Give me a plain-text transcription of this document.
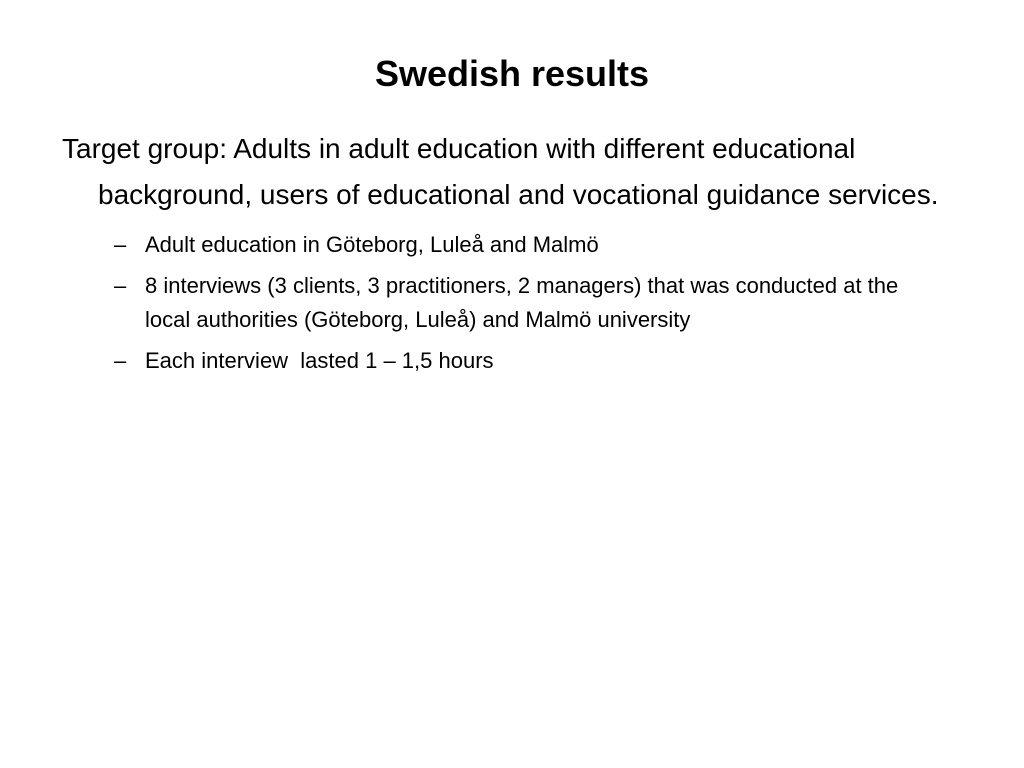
Swedish results

Target group: Adults in adult education with different educational background, users of educational and vocational guidance services.

– Adult education in Göteborg, Luleå and Malmö
– 8 interviews (3 clients, 3 practitioners, 2 managers) that was conducted at the local authorities (Göteborg, Luleå) and Malmö university
– Each interview  lasted 1 – 1,5 hours
